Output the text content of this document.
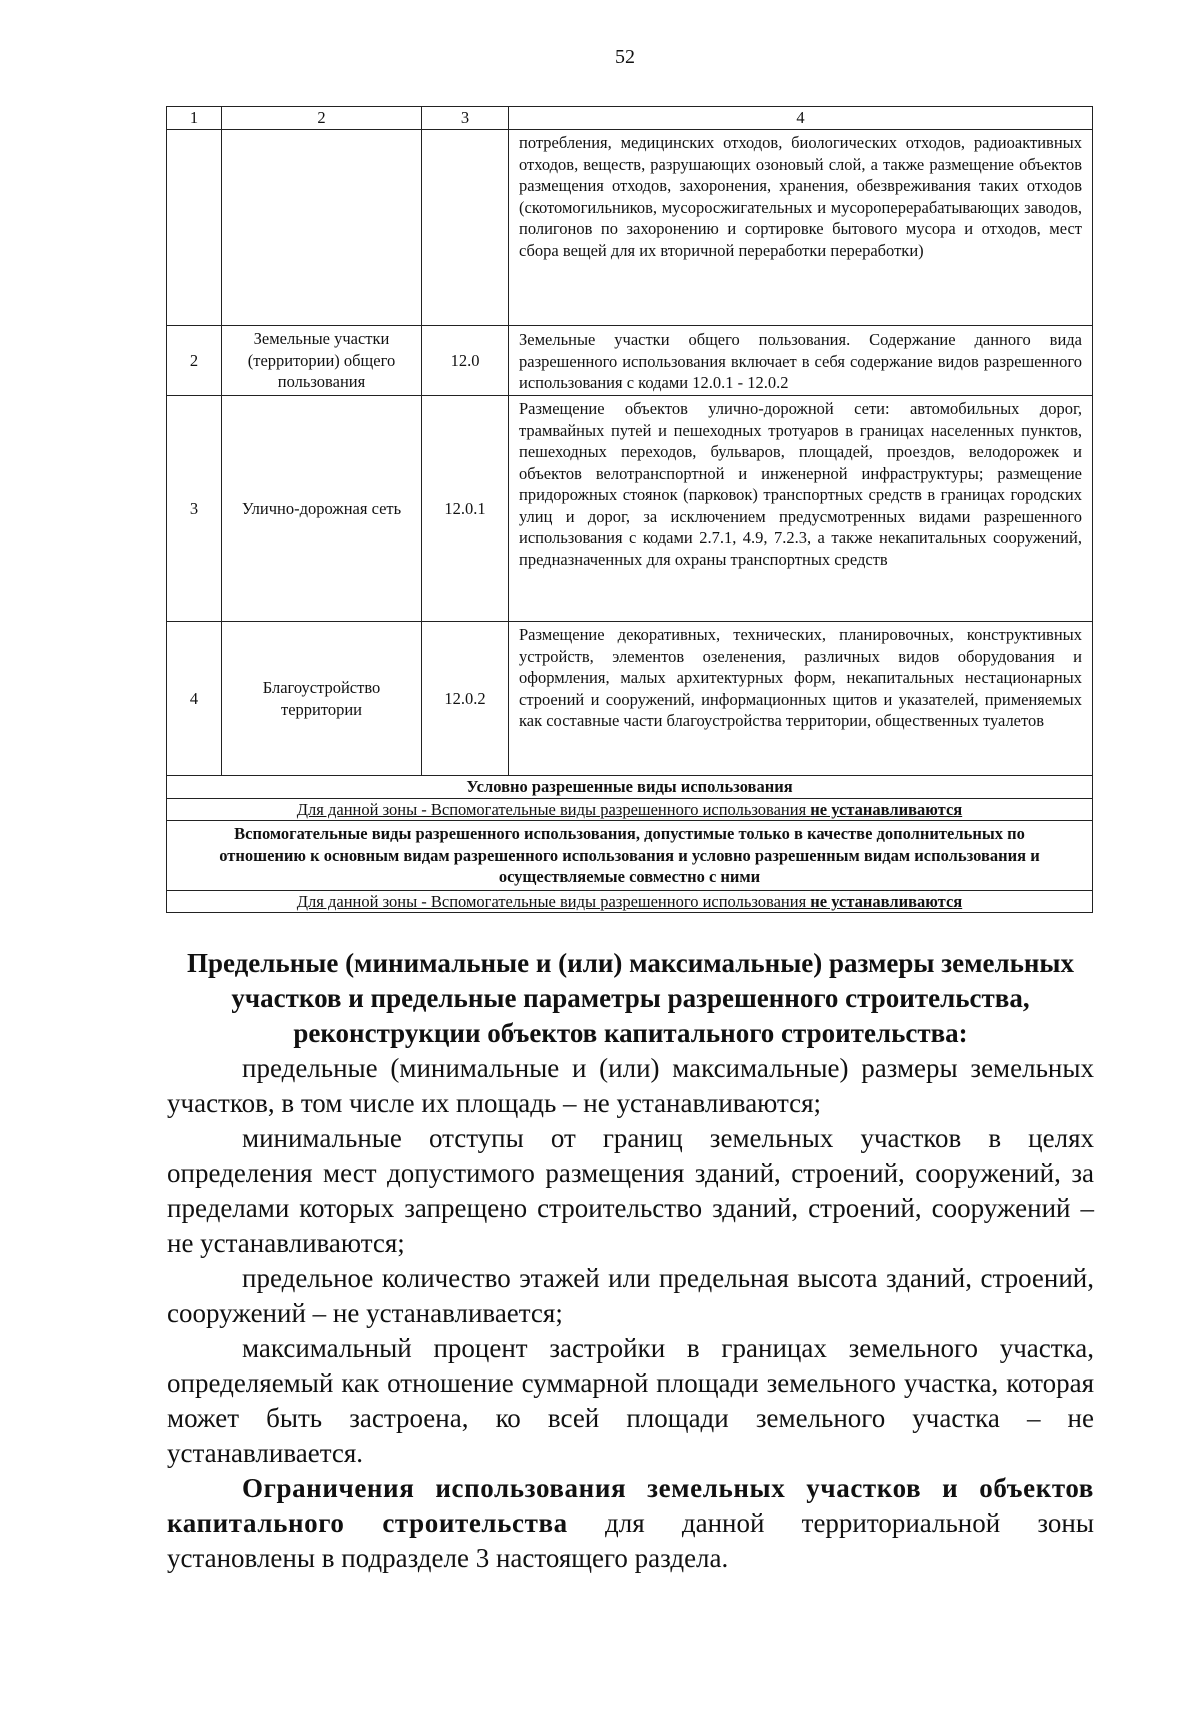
52
1	2	3	4
			потребления, медицинских отходов, биологических отходов, радиоактивных отходов, веществ, разрушающих озоновый слой, а также размещение объектов размещения отходов, захоронения, хранения, обезвреживания таких отходов (скотомогильников, мусоросжигательных и мусороперерабатывающих заводов, полигонов по захоронению и сортировке бытового мусора и отходов, мест сбора вещей для их вторичной переработки переработки)
2	Земельные участки (территории) общего пользования	12.0	Земельные участки общего пользования. Содержание данного вида разрешенного использования включает в себя содержание видов разрешенного использования с кодами 12.0.1 - 12.0.2
3	Улично-дорожная сеть	12.0.1	Размещение объектов улично-дорожной сети: автомобильных дорог, трамвайных путей и пешеходных тротуаров в границах населенных пунктов, пешеходных переходов, бульваров, площадей, проездов, велодорожек и объектов велотранспортной и инженерной инфраструктуры; размещение придорожных стоянок (парковок) транспортных средств в границах городских улиц и дорог, за исключением предусмотренных видами разрешенного использования с кодами 2.7.1, 4.9, 7.2.3, а также некапитальных сооружений, предназначенных для охраны транспортных средств
4	Благоустройство территории	12.0.2	Размещение декоративных, технических, планировочных, конструктивных устройств, элементов озеленения, различных видов оборудования и оформления, малых архитектурных форм, некапитальных нестационарных строений и сооружений, информационных щитов и указателей, применяемых как составные части благоустройства территории, общественных туалетов
Условно разрешенные виды использования			
Для данной зоны - Вспомогательные виды разрешенного использования не устанавливаются			
Вспомогательные виды разрешенного использования, допустимые только в качестве дополнительных по отношению к основным видам разрешенного использования и условно разрешенным видам использования и осуществляемые совместно с ними			
Для данной зоны - Вспомогательные виды разрешенного использования не устанавливаются			

Предельные (минимальные и (или) максимальные) размеры земельных участков и предельные параметры разрешенного строительства, реконструкции объектов капитального строительства:

предельные (минимальные и (или) максимальные) размеры земельных участков, в том числе их площадь – не устанавливаются;

минимальные отступы от границ земельных участков в целях определения мест допустимого размещения зданий, строений, сооружений, за пределами которых запрещено строительство зданий, строений, сооружений – не устанавливаются;

предельное количество этажей или предельная высота зданий, строений, сооружений – не устанавливается;

максимальный процент застройки в границах земельного участка, определяемый как отношение суммарной площади земельного участка, которая может быть застроена, ко всей площади земельного участка – не устанавливается.

Ограничения использования земельных участков и объектов капитального строительства для данной территориальной зоны установлены в подразделе 3 настоящего раздела.
